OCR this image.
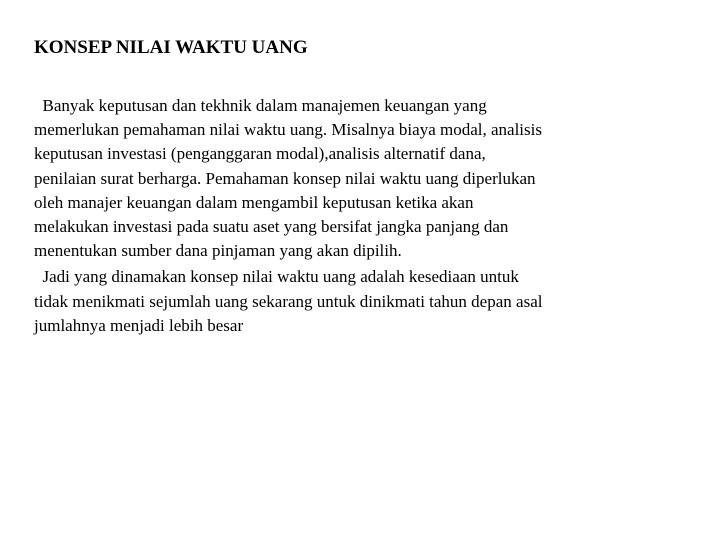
KONSEP NILAI WAKTU UANG
Banyak keputusan dan tekhnik dalam manajemen keuangan yang
memerlukan pemahaman nilai waktu uang. Misalnya biaya modal, analisis
keputusan investasi (penganggaran modal),analisis alternatif dana,
penilaian surat berharga. Pemahaman konsep nilai waktu uang diperlukan
oleh manajer keuangan dalam mengambil keputusan ketika akan
melakukan investasi pada suatu aset yang bersifat jangka panjang dan
menentukan sumber dana pinjaman yang akan dipilih.
Jadi yang dinamakan konsep nilai waktu uang adalah kesediaan untuk
tidak menikmati sejumlah uang sekarang untuk dinikmati tahun depan asal
jumlahnya menjadi lebih besar
